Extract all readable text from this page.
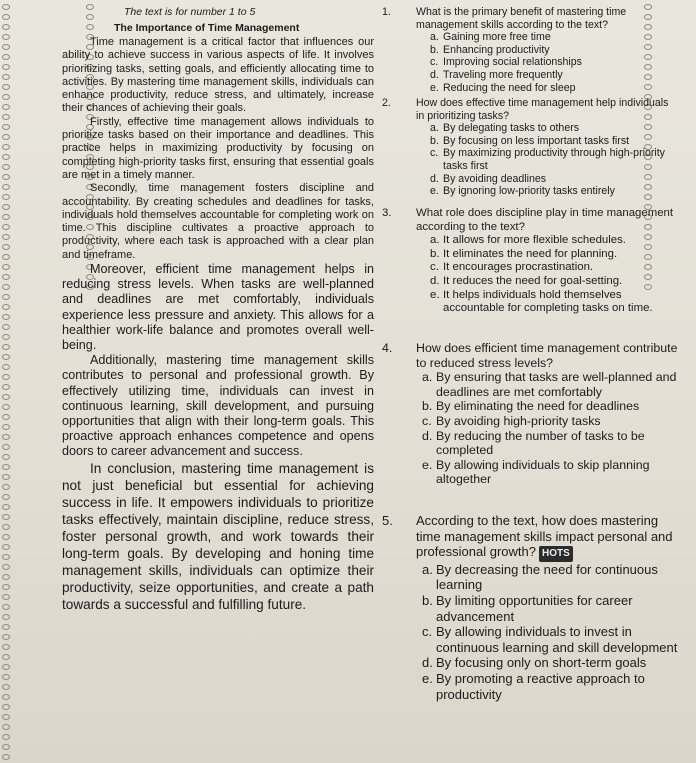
The text is for number 1 to 5
The Importance of Time Management

Time management is a critical factor that influences our ability to achieve success in various aspects of life. It involves prioritizing tasks, setting goals, and efficiently allocating time to activities. By mastering time management skills, individuals can enhance productivity, reduce stress, and ultimately, increase their chances of achieving their goals.

Firstly, effective time management allows individuals to prioritize tasks based on their importance and deadlines. This practice helps in maximizing productivity by focusing on completing high-priority tasks first, ensuring that essential goals are met in a timely manner.

Secondly, time management fosters discipline and accountability. By creating schedules and deadlines for tasks, individuals hold themselves accountable for completing work on time. This discipline cultivates a proactive approach to productivity, where each task is approached with a clear plan and timeframe.

Moreover, efficient time management helps in reducing stress levels. When tasks are well-planned and deadlines are met comfortably, individuals experience less pressure and anxiety. This allows for a healthier work-life balance and promotes overall well-being.

Additionally, mastering time management skills contributes to personal and professional growth. By effectively utilizing time, individuals can invest in continuous learning, skill development, and pursuing opportunities that align with their long-term goals. This proactive approach enhances competence and opens doors to career advancement and success.

In conclusion, mastering time management is not just beneficial but essential for achieving success in life. It empowers individuals to prioritize tasks effectively, maintain discipline, reduce stress, foster personal growth, and work towards their long-term goals. By developing and honing time management skills, individuals can optimize their productivity, seize opportunities, and create a path towards a successful and fulfilling future.

1.	What is the primary benefit of mastering time management skills according to the text?

a. Gaining more free time
b. Enhancing productivity
c. Improving social relationships
d. Traveling more frequently
e. Reducing the need for sleep
2.	How does effective time management help individuals in prioritizing tasks?

a. By delegating tasks to others
b. By focusing on less important tasks first
c. By maximizing productivity through high-priority tasks first
d. By avoiding deadlines
e. By ignoring low-priority tasks entirely
3.	What role does discipline play in time management according to the text?

a. It allows for more flexible schedules.
b. It eliminates the need for planning.
c. It encourages procrastination.
d. It reduces the need for goal-setting.
e. It helps individuals hold themselves accountable for completing tasks on time.
4.	How does efficient time management contribute to reduced stress levels?

a. By ensuring that tasks are well-planned and deadlines are met comfortably
b. By eliminating the need for deadlines
c. By avoiding high-priority tasks
d. By reducing the number of tasks to be completed
e. By allowing individuals to skip planning altogether
5.	According to the text, how does mastering time management skills impact personal and professional growth? HOTS

a. By decreasing the need for continuous learning
b. By limiting opportunities for career advancement
c. By allowing individuals to invest in continuous learning and skill development
d. By focusing only on short-term goals
e. By promoting a reactive approach to productivity
